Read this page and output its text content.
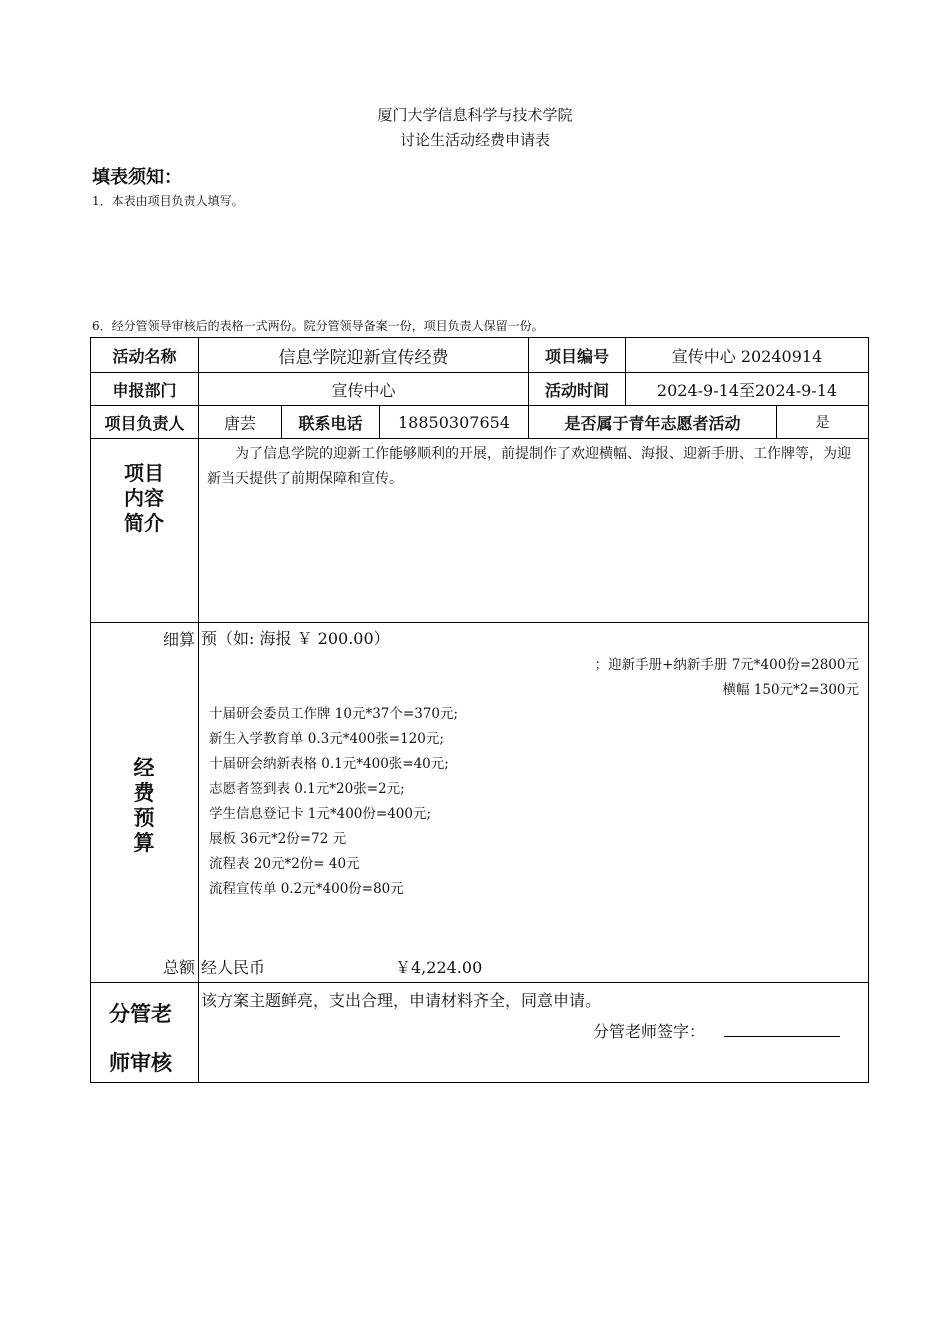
厦门大学信息科学与技术学院
讨论生活动经费申请表
填表须知：
1．本表由项目负责人填写。
6．经分管领导审核后的表格一式两份。院分管领导备案一份，项目负责人保留一份。
活动名称	信息学院迎新宣传经费	项目编号	宣传中心 20240914
申报部门	宣传中心	活动时间	2024-9-14至2024-9-14
项目负责人	唐芸	联系电话	18850307654	是否属于青年志愿者活动	是
项目内容简介
为了信息学院的迎新工作能够顺利的开展，前提制作了欢迎横幅、海报、迎新手册、工作牌等，为迎新当天提供了前期保障和宣传。
经费预算
细算 预（如: 海报 ￥ 200.00）
；迎新手册+纳新手册 7元*400份=2800元
横幅 150元*2=300元
十届研会委员工作牌 10元*37个=370元;
新生入学教育单 0.3元*400张=120元;
十届研会纳新表格 0.1元*400张=40元;
志愿者签到表 0.1元*20张=2元;
学生信息登记卡 1元*400份=400元;
展板 36元*2份=72 元
流程表 20元*2份= 40元
流程宣传单 0.2元*400份=80元
总额 经人民币	￥4,224.00
分管老
师审核
该方案主题鲜亮，支出合理，申请材料齐全，同意申请。
分管老师签字：
